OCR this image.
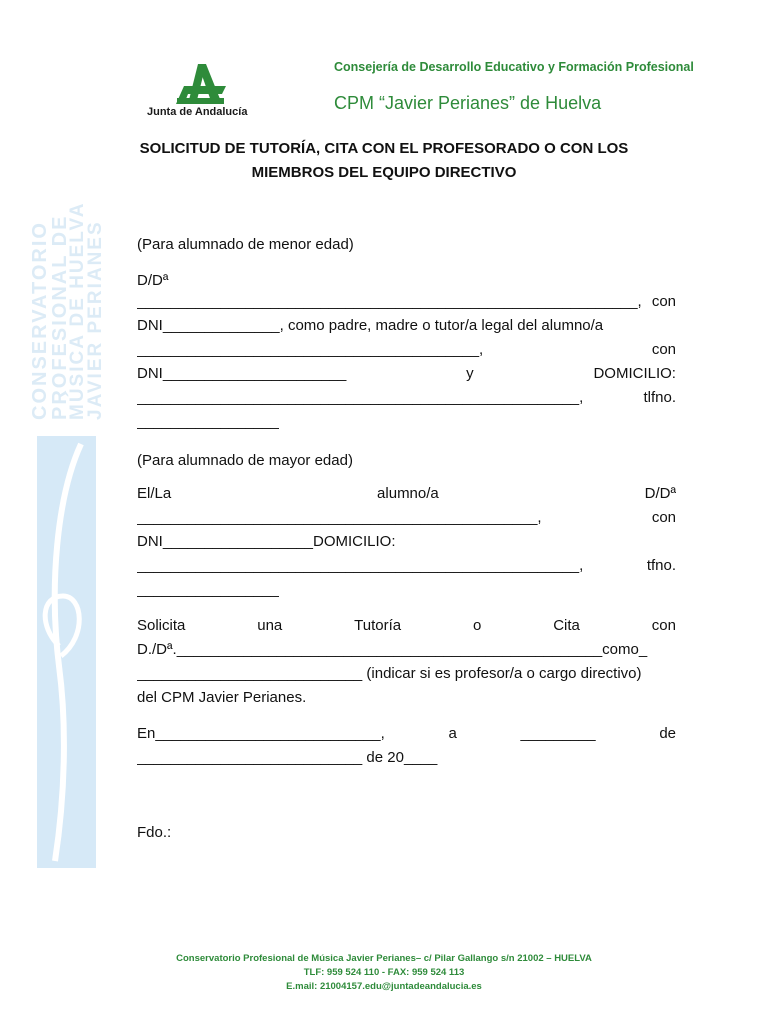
Junta de Andalucía
Consejería de Desarrollo Educativo y Formación Profesional
CPM “Javier Perianes” de Huelva
SOLICITUD DE TUTORÍA, CITA CON EL PROFESORADO O CON LOS
MIEMBROS DEL EQUIPO DIRECTIVO
CONSERVATORIO
PROFESIONAL DE
MÚSICA DE HUELVA
JAVIER PERIANES (Para alumnado de menor edad)
D/Dª
____________________________________________________________, con
DNI______________, como padre, madre o tutor/a legal del alumno/a
_________________________________________,	con
DNI______________________	y	DOMICILIO:
_____________________________________________________,	tlfno.
_________________
(Para alumnado de mayor edad)
El/La	alumno/a	D/Dª
________________________________________________,	con
DNI__________________DOMICILIO:
_____________________________________________________,	tfno.
_________________
Solicita	una	Tutoría	o	Cita	con
D./Dª.___________________________________________________como_
___________________________ (indicar si es profesor/a o cargo directivo)
del CPM Javier Perianes.
En___________________________,	a	_________	de
___________________________ de 20____
Fdo.:
Conservatorio Profesional de Música Javier Perianes– c/ Pilar Gallango s/n 21002 – HUELVA
TLF: 959 524 110 - FAX: 959 524 113
E.mail: 21004157.edu@juntadeandalucia.es
